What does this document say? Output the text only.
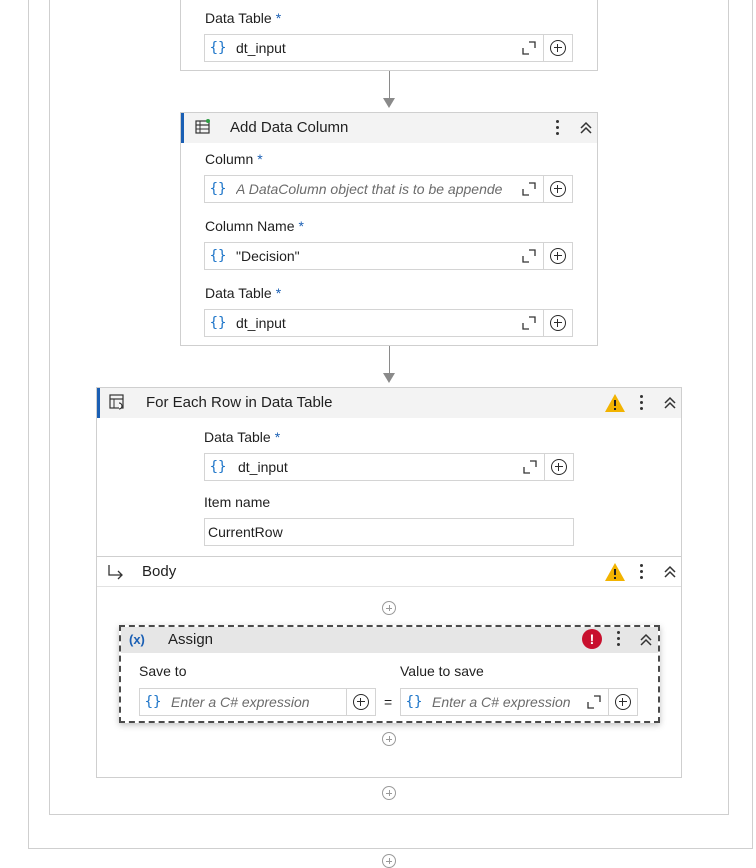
Data Table *
{} dt_input
Add Data Column
Column *
{} A DataColumn object that is to be appende
Column Name *
{} "Decision"
Data Table *
{} dt_input
For Each Row in Data Table
Data Table *
{} dt_input
Item name
CurrentRow
Body
(x) Assign	!
Save to	Value to save
{} Enter a C# expression	= {} Enter a C# expression
